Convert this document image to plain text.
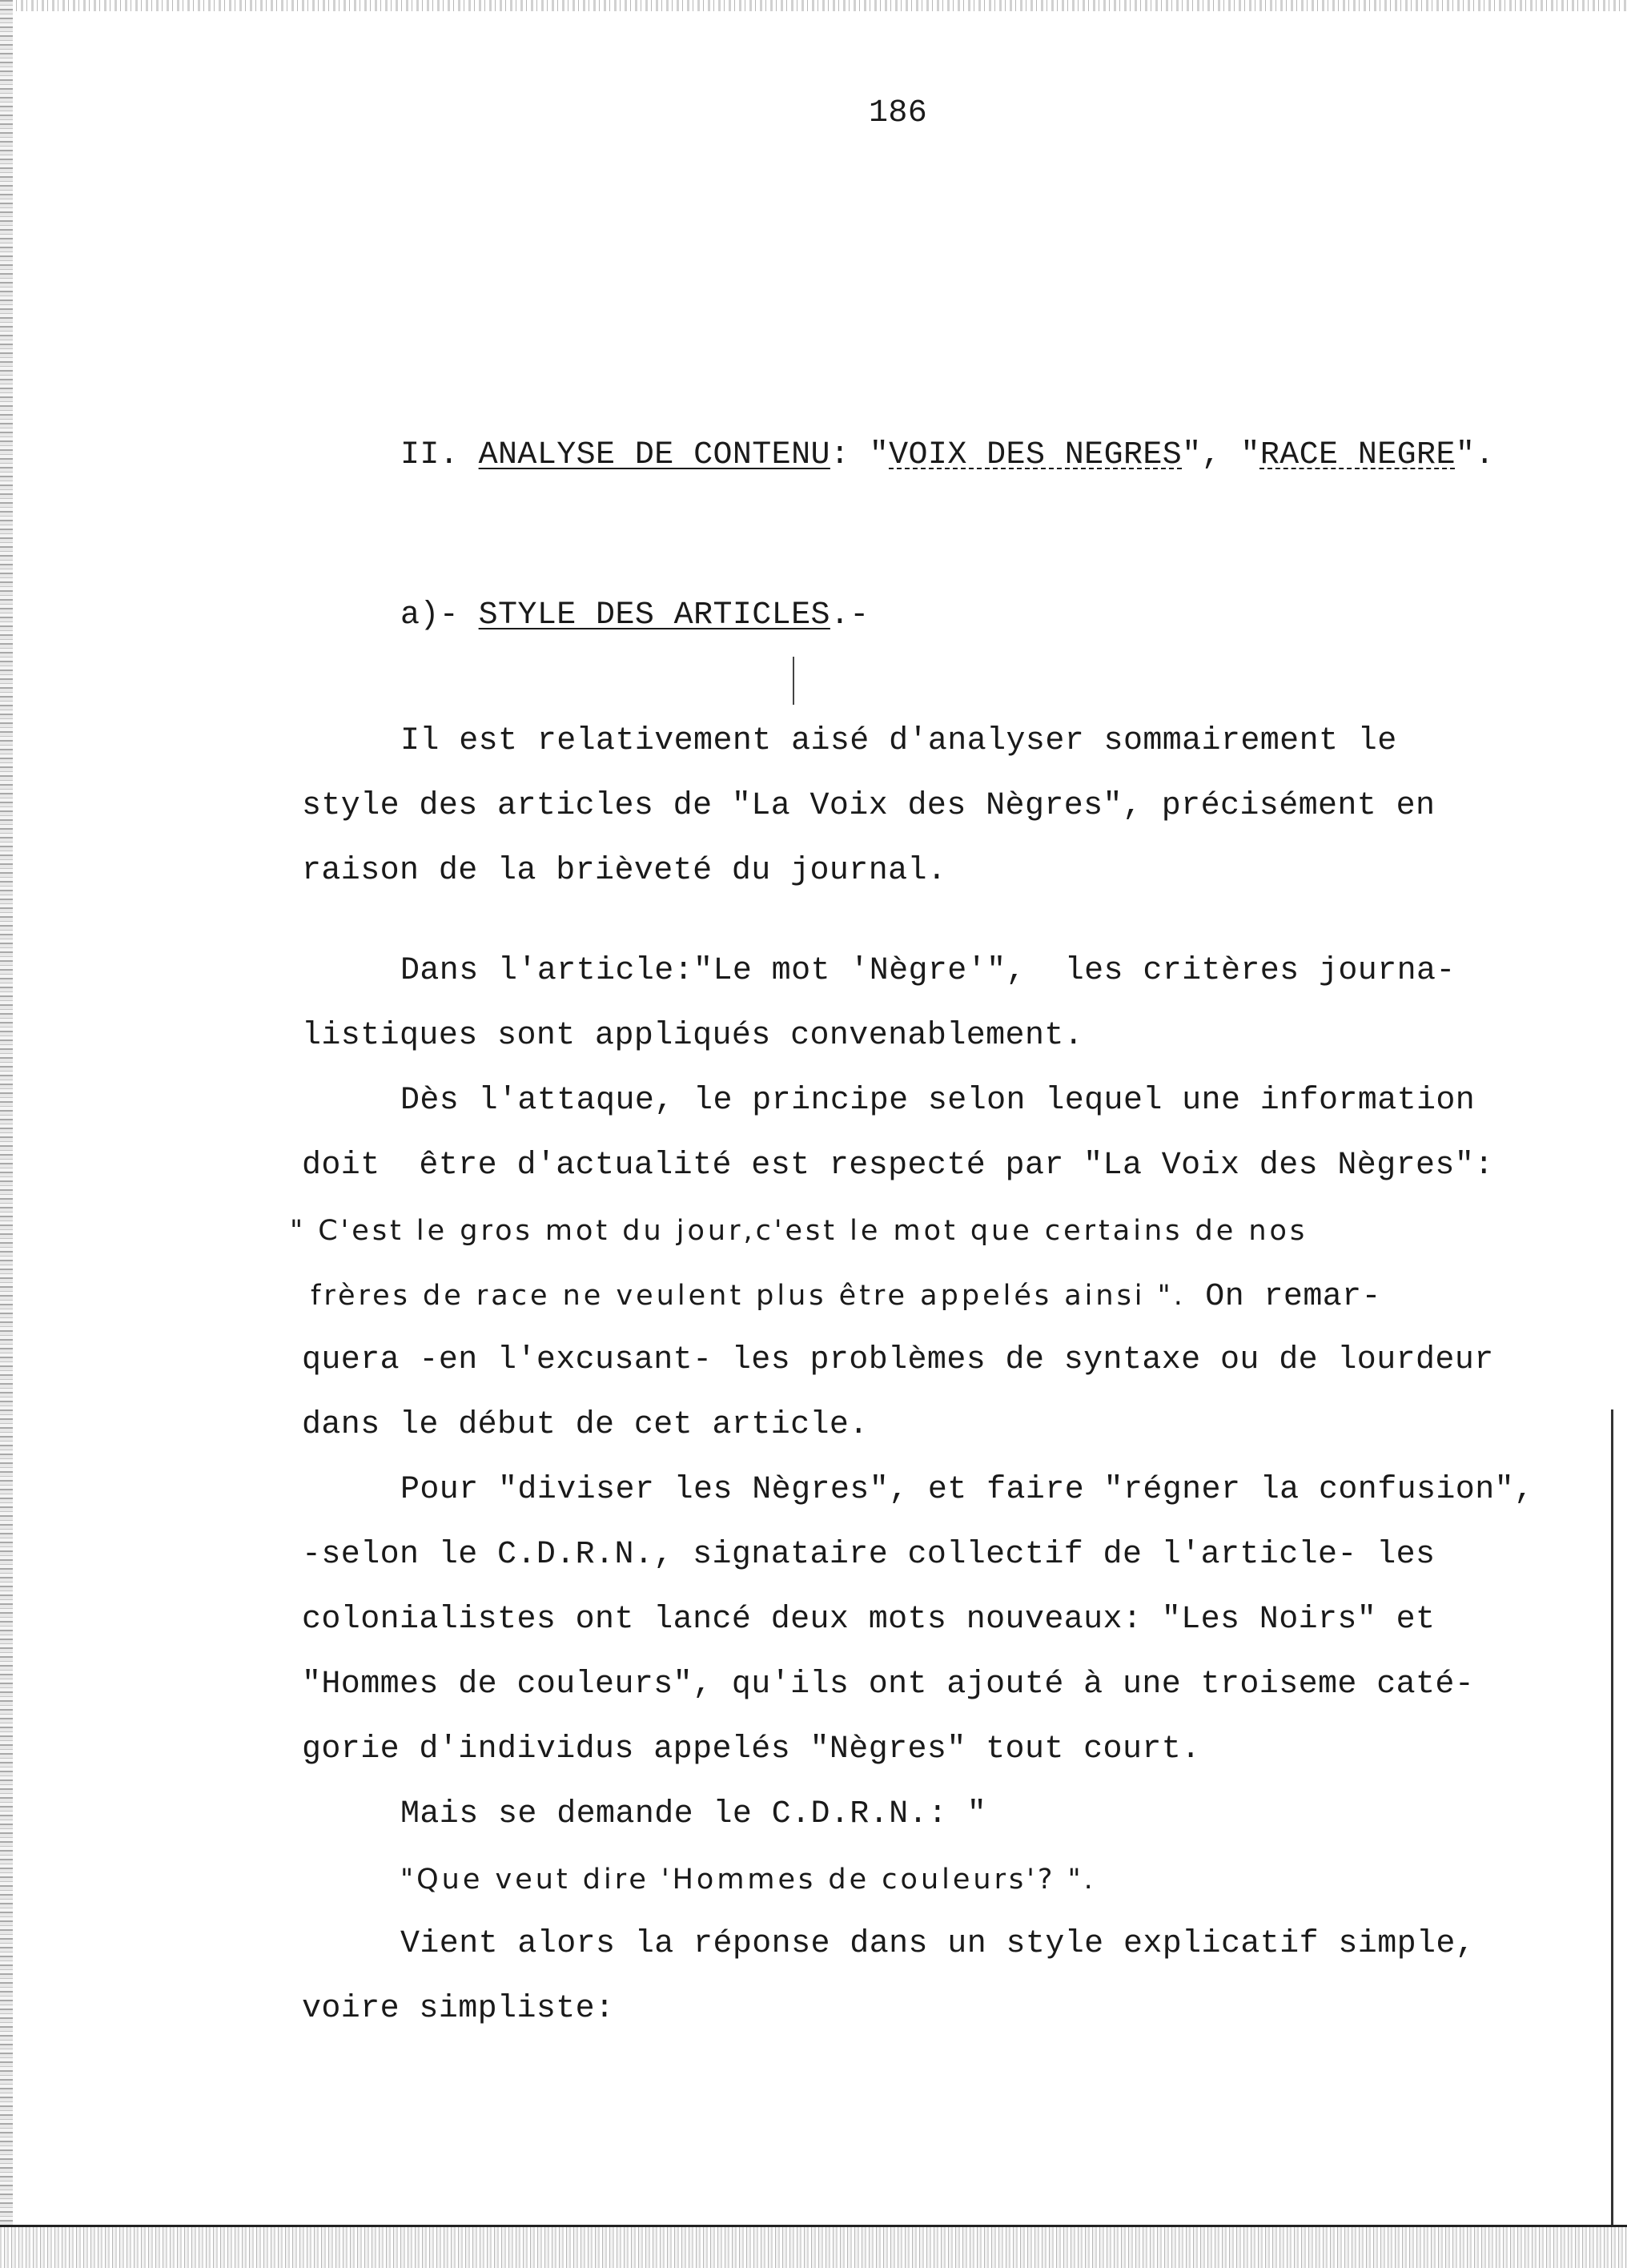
186
II. ANALYSE DE CONTENU: "VOIX DES NEGRES", "RACE NEGRE".
a)- STYLE DES ARTICLES.-
Il est relativement aisé d'analyser sommairement le
style des articles de "La Voix des Nègres", précisément en
raison de la brièveté du journal.
Dans l'article:"Le mot 'Nègre'",  les critères journa-
listiques sont appliqués convenablement.
Dès l'attaque, le principe selon lequel une information
doit  être d'actualité est respecté par "La Voix des Nègres":
" C'est le gros mot du jour,c'est le mot que certains de nos
frères de race ne veulent plus être appelés ainsi ". On remar-
quera -en l'excusant- les problèmes de syntaxe ou de lourdeur
dans le début de cet article.
Pour "diviser les Nègres", et faire "régner la confusion",
-selon le C.D.R.N., signataire collectif de l'article- les
colonialistes ont lancé deux mots nouveaux: "Les Noirs" et
"Hommes de couleurs", qu'ils ont ajouté à une troiseme caté-
gorie d'individus appelés "Nègres" tout court.
Mais se demande le C.D.R.N.: "
"Que veut dire 'Hommes de couleurs'? ".
Vient alors la réponse dans un style explicatif simple,
voire simpliste:
